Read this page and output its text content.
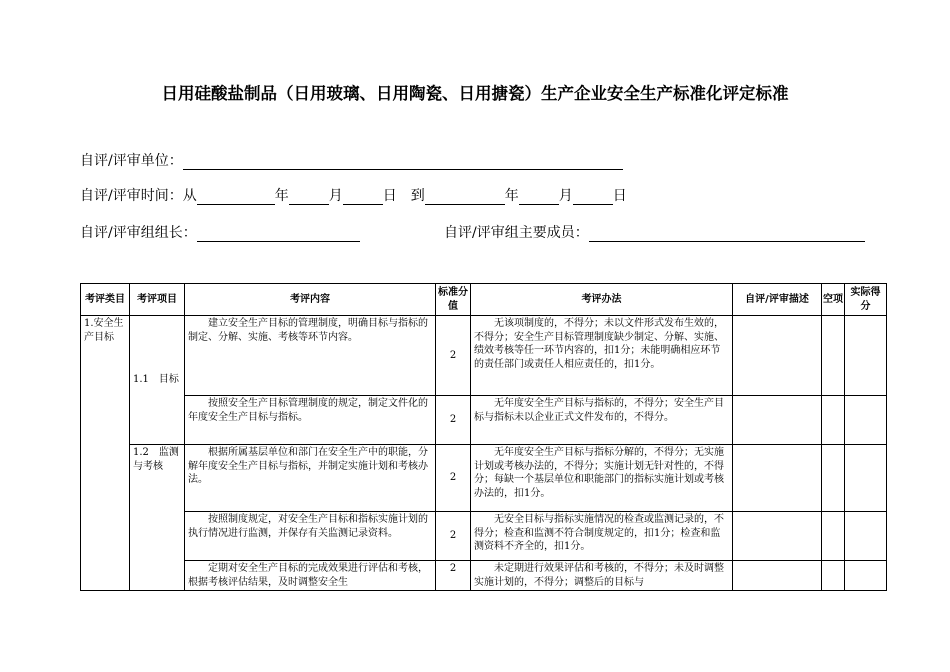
日用硅酸盐制品（日用玻璃、日用陶瓷、日用搪瓷）生产企业安全生产标准化评定标准
自评/评审单位：
自评/评审时间：从	年	月	日 到	年	月	日
自评/评审组组长：	自评/评审组主要成员：
考评类目	考评项目	考评内容	标准分值	考评办法	自评/评审描述	空项	实际得分
1.安全生产目标	1.1　目标	建立安全生产目标的管理制度，明确目标与指标的制定、分解、实施、考核等环节内容。	2	无该项制度的，不得分；未以文件形式发布生效的，不得分；安全生产目标管理制度缺少制定、分解、实施、绩效考核等任一环节内容的，扣1分；未能明确相应环节的责任部门或责任人相应责任的，扣1分。			
		按照安全生产目标管理制度的规定，制定文件化的年度安全生产目标与指标。	2	无年度安全生产目标与指标的，不得分；安全生产目标与指标未以企业正式文件发布的，不得分。			
	1.2　监测与考核	根据所属基层单位和部门在安全生产中的职能，分解年度安全生产目标与指标，并制定实施计划和考核办法。	2	无年度安全生产目标与指标分解的，不得分；无实施计划或考核办法的，不得分；实施计划无针对性的，不得分；每缺一个基层单位和职能部门的指标实施计划或考核办法的，扣1分。			
		按照制度规定，对安全生产目标和指标实施计划的执行情况进行监测，并保存有关监测记录资料。	2	无安全目标与指标实施情况的检查或监测记录的，不得分；检查和监测不符合制度规定的，扣1分；检查和监测资料不齐全的，扣1分。			
		定期对安全生产目标的完成效果进行评估和考核，根据考核评估结果，及时调整安全生	2	未定期进行效果评估和考核的，不得分；未及时调整实施计划的，不得分；调整后的目标与			
